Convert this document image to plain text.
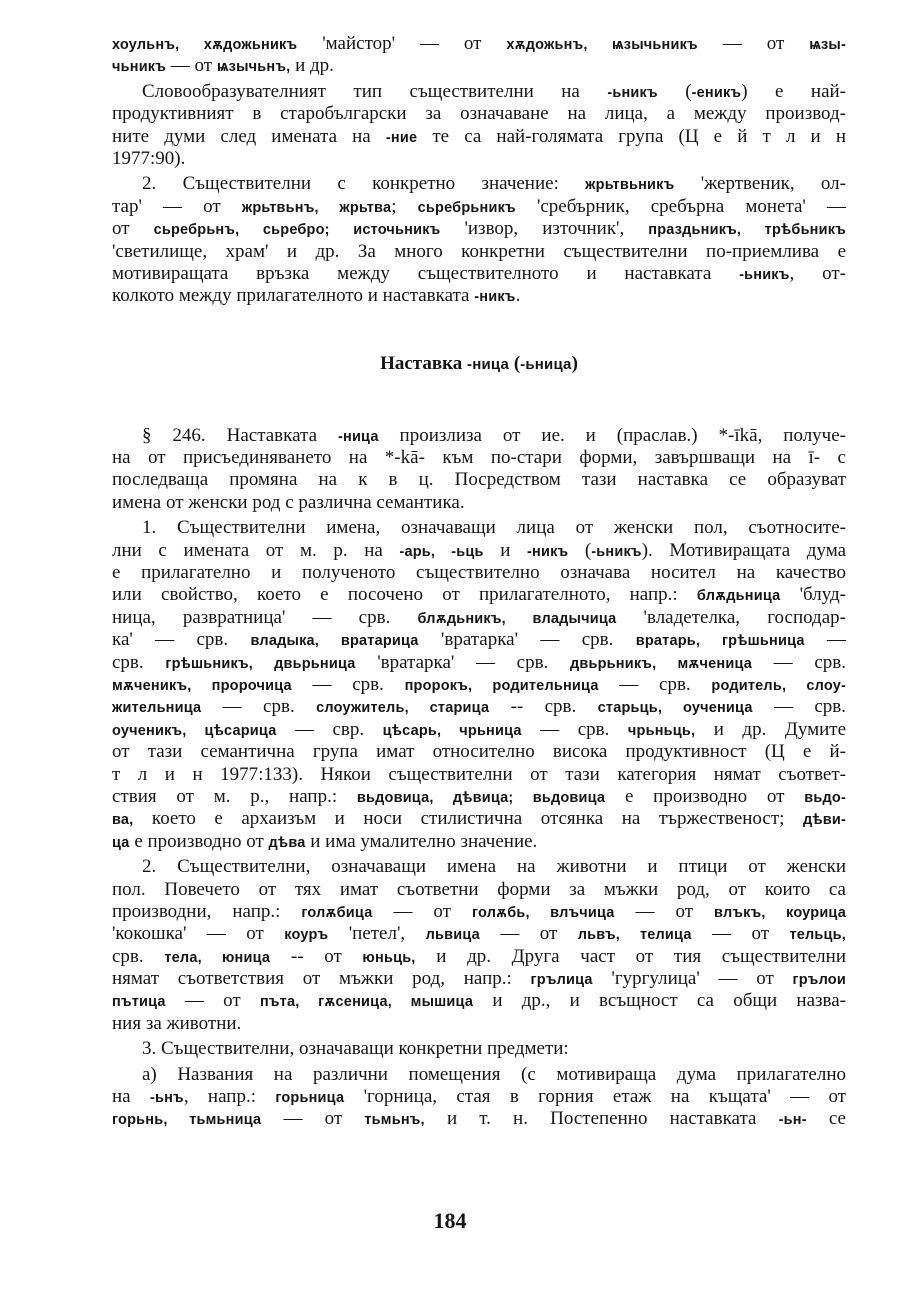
хоульнъ, хѫдожьникъ 'майстор' — от хѫдожьнъ, ѩзычьникъ — от ѩзы-
чьникъ — от ѩзычьнъ, и др.
Словообразувателният тип съществителни на -ьникъ (-еникъ) е най-
продуктивният в старобългарски за означаване на лица, а между производ-
ните думи след имената на -ние те са най-голямата група (Ц е й т л и н
1977:90).
2. Съществителни с конкретно значение: жрьтвьникъ 'жертвеник, ол-
тар' — от жрьтвьнъ, жрьтва; сьребрьникъ 'сребърник, сребърна монета' —
от сьребрьнъ, сьребро; источьникъ 'извор, източник', праздьникъ, трѣбьникъ
'светилище, храм' и др. За много конкретни съществителни по-приемлива е
мотивиращата връзка между съществителното и наставката -ьникъ, от-
колкото между прилагателното и наставката -никъ.
Наставка -ница (-ьница)
§ 246. Наставката -ница произлиза от ие. и (праслав.) *-īkā, получе-
на от присъединяването на *-kā- към по-стари форми, завършващи на ī- с
последваща промяна на к в ц. Посредством тази наставка се образуват
имена от женски род с различна семантика.
1. Съществителни имена, означаващи лица от женски пол, съотносите-
лни с имената от м. р. на -арь, -ьць и -никъ (-ьникъ). Мотивиращата дума
е прилагателно и полученото съществително означава носител на качество
или свойство, което е посочено от прилагателното, напр.: блѫдьница 'блуд-
ница, развратница' — срв. блѫдьникъ, владычица 'владетелка, господар-
ка' — срв. владыка, вратарица 'вратарка' — срв. вратарь, грѣшьница —
срв. грѣшьникъ, двьрьница 'вратарка' — срв. двьрьникъ, мѫченица — срв.
мѫченикъ, пророчица — срв. пророкъ, родительница — срв. родитель, слоу-
жительница — срв. слоужитель, старица -- срв. старьць, оученица — срв.
оученикъ, цѣсарица — свр. цѣсарь, чрьница — срв. чрьньць, и др. Думите
от тази семантична група имат относително висока продуктивност (Ц е й-
т л и н 1977:133). Някои съществителни от тази категория нямат съответ-
ствия от м. р., напр.: вьдовица, дѣвица; вьдовица е производно от вьдо-
ва, което е архаизъм и носи стилистична отсянка на тържественост; дѣви-
ца е производно от дѣва и има умалително значение.
2. Съществителни, означаващи имена на животни и птици от женски
пол. Повечето от тях имат съответни форми за мъжки род, от които са
производни, напр.: голѫбица — от голѫбь, влъчица — от влъкъ, коурица
'кокошка' — от коуръ 'петел', львица — от львъ, телица — от тельць,
срв. тела, юница -- от юньць, и др. Друга част от тия съществителни
нямат съответствия от мъжки род, напр.: грълица 'гургулица' — от грълои
пътица — от пъта, гѫсеница, мышица и др., и всъщност са общи назва-
ния за животни.
3. Съществителни, означаващи конкретни предмети:
а) Названия на различни помещения (с мотивираща дума прилагателно
на -ьнъ, напр.: горьница 'горница, стая в горния етаж на къщата' — от
горьнь, тьмьница — от тьмьнъ, и т. н. Постепенно наставката -ьн- се
184
